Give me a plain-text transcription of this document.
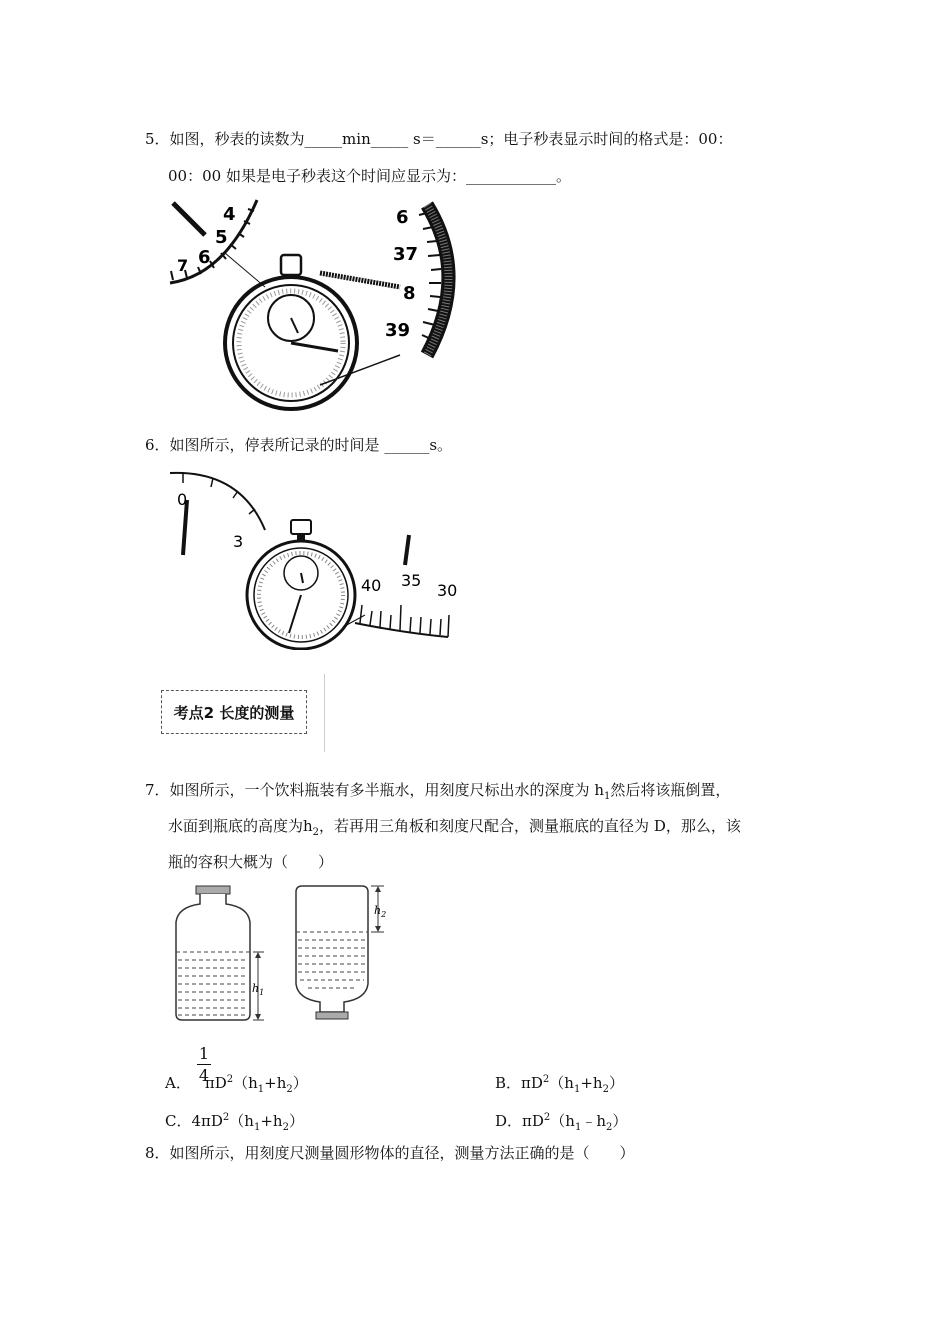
5．如图，秒表的读数为_____min_____ s＝______s；电子秒表显示时间的格式是：00：
00：00 如果是电子秒表这个时间应显示为：____________。
4
5
6
7
6
37
8
39
6．如图所示，停表所记录的时间是 ______s。
0
3
40 35
30
考点2 长度的测量
7．如图所示，一个饮料瓶装有多半瓶水，用刻度尺标出水的深度为 $h_1$然后将该瓶倒置，
水面到瓶底的高度为$h_2$，若再用三角板和刻度尺配合，测量瓶底的直径为 D，那么，该
瓶的容积大概为（　　）
$h_1$
$h_2$
1
4
A． $\pi D^2(h_1+h_2)$	B．$\pi D^2(h_1+h_2)$
C．$4\pi D^2(h_1+h_2)$	D．$\pi D^2(h_1﹣h_2)$
8．如图所示，用刻度尺测量圆形物体的直径，测量方法正确的是（　　）
